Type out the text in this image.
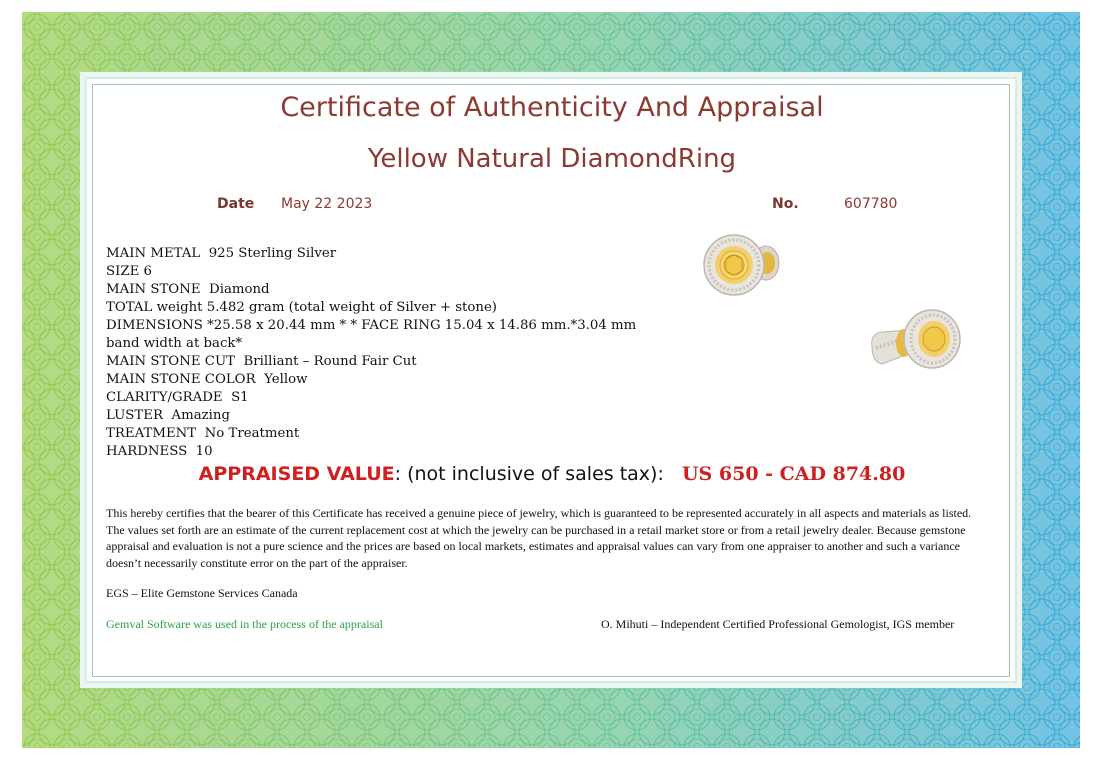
Certificate of Authenticity And Appraisal
Yellow Natural DiamondRing
Date May 22 2023	No.	607780
MAIN METAL 925 Sterling Silver
SIZE 6
MAIN STONE Diamond
TOTAL weight 5.482 gram (total weight of Silver + stone)
DIMENSIONS *25.58 x 20.44 mm * * FACE RING 15.04 x 14.86 mm.*3.04 mm band width at back*
MAIN STONE CUT Brilliant – Round Fair Cut
MAIN STONE COLOR Yellow
CLARITY/GRADE S1
LUSTER Amazing
TREATMENT No Treatment
HARDNESS 10
APPRAISED VALUE: (not inclusive of sales tax): US 650 - CAD 874.80
This hereby certifies that the bearer of this Certificate has received a genuine piece of jewelry, which is guaranteed to be represented accurately in all aspects and materials as listed. The values set forth are an estimate of the current replacement cost at which the jewelry can be purchased in a retail market store or from a retail jewelry dealer. Because gemstone appraisal and evaluation is not a pure science and the prices are based on local markets, estimates and appraisal values can vary from one appraiser to another and such a variance doesn’t necessarily constitute error on the part of the appraiser.
EGS – Elite Gemstone Services Canada
Gemval Software was used in the process of the appraisal	O. Mihuti – Independent Certified Professional Gemologist, IGS member
